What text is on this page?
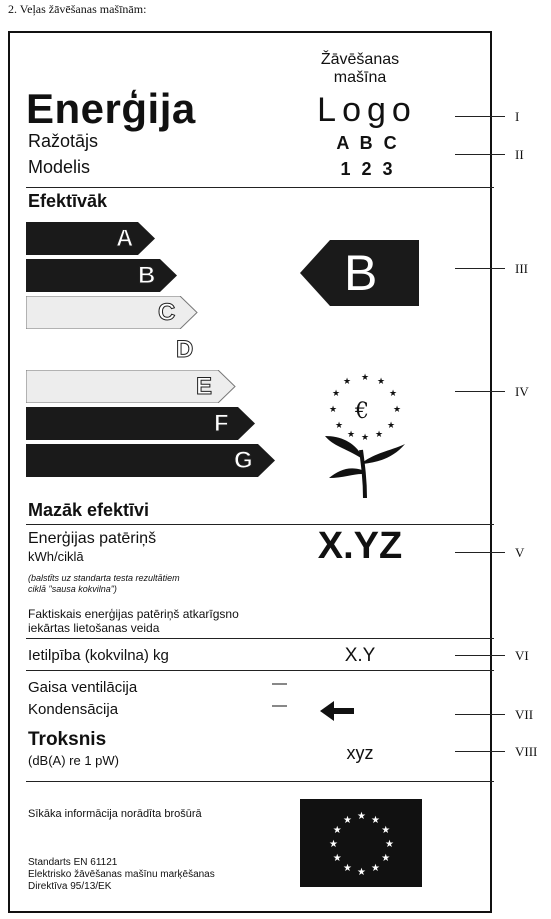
2. Veļas žāvēšanas mašīnām:
Enerģija
Žāvēšanas
mašīna
Logo
Ražotājs	A B C
Modelis	1 2 3
Efektīvāk
A
B
C
D
E
F
G
B
★ ★
★
★
★
★
★
★
★
★
★ ★
€
Mazāk efektīvi
Enerģijas patēriņš
kWh/ciklā
(balstīts uz standarta testa rezultātiem
ciklā "sausa kokvilna")
X.YZ
Faktiskais enerģijas patēriņš atkarīgsno
iekārtas lietošanas veida
Ietilpība (kokvilna) kg	X.Y
Gaisa ventilācija	—
Kondensācija	—
Troksnis
(dB(A) re 1 pW)	xyz
Sīkāka informācija norādīta brošūrā	★ ★
★
★
★
★
★
★
★
★
★
★
Standarts EN 61121
Elektrisko žāvēšanas mašīnu marķēšanas
Direktīva 95/13/EK
I
II
III
IV
V
VI
VII
VIII
